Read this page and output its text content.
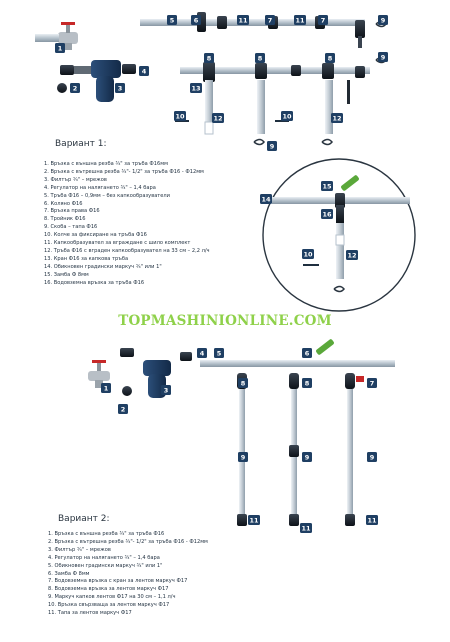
5	6	11	7	11 7	9
1
4
2	3
8	8	8	9
13
10	12
9
10	12
15
14
16
10	12
4 5	6
1
2
3
8	8	7
9	9	9
11
11
11
Вариант 1:
1. Връзка с външна резба ¾" за тръба Ф16мм
2. Връзка с вътрешна резба ¾"- 1/2" за тръба Ф16 - Ф12мм
3. Филтър ¾" – мрежов
4. Регулатор на налягането ¾" – 1,4 бара
5. Тръба Ф16 – 0,9мм – без капкообразуватели
6. Коляно Ф16
7. Връзка права Ф16
8. Тройник Ф16
9. Скоба – тапа Ф16
10. Колче за фиксиране на тръба Ф16
11. Капкообразувател за вграждане с шило комплект
12. Тръба Ф16 с вграден капкообразувател на 33 см – 2,2 л/ч
13. Кран Ф16 за капкова тръба
14. Обикновен градински маркуч ¾" или 1"
15. Замба Ф 8мм
16. Водовземна връзка за тръба Ф16
TOPMASHINIONLINE.COM
Вариант 2:
1. Връзка с външна резба ¾" за тръба Ф16
2. Връзка с вътрешна резба ¾"- 1/2" за тръба Ф16 - Ф12мм
3. Филтър ¾" – мрежов
4. Регулатор на налягането ¾" – 1,4 бара
5. Обикновен градински маркуч ¾" или 1"
6. Замба Ф 8мм
7. Водовземна връзка с кран за лентов маркуч Ф17
8. Водовземна връзка за лентов маркуч Ф17
9. Маркуч капков лентов Ф17 на 30 см – 1,1 л/ч
10. Връзка свързваща за лентов маркуч Ф17
11. Тапа за лентов маркуч Ф17
